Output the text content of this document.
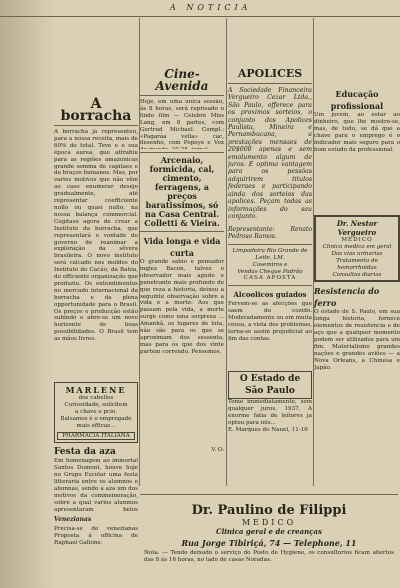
A NOTICIA
A borracha
A borracha já representou, para a nossa receita, mais de 60% do total. Teve e o sua época aurea, que attrahiu para as regiões amazonicas grande somma de capitaes e de braços humanos. Mas, por varios motivos que não vêm ao caso enumerar desejo gradualmente, até representar coefficiente nullo ou quasi nullo, na nossa balança commercial. Cogitase agora de crear a Instituto da borracha, que representará o vontade do governo de reanimar a exploração da sêvera brasileira. O novo instituto será calcado nos moldes do Instituto do Cacáo, da Bahia, do officiente organização que produziu. Os entendimentos no mercado internacional da borracha e da plena opportunidade para o Brasil. Os preços e producção estão subindo e abre-se um novo horizonte de boas possibilidades. O Brasil tem as mãos livres.
MARLENE
dos cabellos
Curiosidade, solicitem
a chave e pcio.
Balsamos é o empregado mais efficaz...
PHARMACIA ITALIANA
Festa da aza
Em homenagem ao immortal Santos Dumont, houve hoje no Grupo Escolar uma festa litteraria entre os alumnos e alumnas, sendo a aza um dos motivos da commemoração, sobre a qual varios alumnos apresentaram belos
Venezianas
Precisa-se de venezianas Proposta á officina de Raphael Gallone.
Cine-Avenida
Hoje, em uma unica sessão, ás 8 horas, será reprisado o lindo film — Celebre Miss Lang, em 8 partes, com Gertrud Michael. Compl.: «Pagaráa vella» cac, desenho, com Popeye e Vox
Arcenaio, formicida, cal, cimento, ferragens, a preços baratissimos, só na Casa Central.
Colletti & Vieira.
Vida longa e vida curta
O grande sabio e pensador inglez Bacon, talvez o observador mais agudo e penetrante mais profundo de que reza a historia, deixou a seguinte observação sobre a vida e a morte: Aos que passam pela vida, a morte surge como uma sorpreza ... Amanhã, os lugares de luta, não são para os que se aproximam dos sessenta, mas para os que dos vinte partem correndo. Pensemos.
V. O.
APOLICES
A Sociedade Financeira Vergueiro Cezar Ltda., São Paulo, offerece para os proximos sorteios, o conjunto dos Apolices Paulista, Mineira e Pernambucana, a prestações mensaes de 20$000 apenas e sem emolumento algum de juros. E optima vantagem para os pessôas adquirirem titulos federaes e participando ainda dos sorteios das apolices. Peçam todas as informações do seu conjunto.
Representante: Renato Pedroso Ramos.
Limpadeira Rio Grande de Leite, LM.
Casemiros e
Vendas Cheque Padrão
CASA APOSTA
Alcoolicos guiados
Fervem-se as afecções que saem do cozido. Moderadamente ou em muita cousa, a vista dos problemas, torna-se assim prejudicial ao fim das contas.
O Estado de São Paulo
Tome immediatamente, sem qualquer juros, 1937. A enorme fatia de leitores ja optou para nós...
E. Marques do Nauel, 11-16
Educação profissional
Um jovem, ao estar ao dinheiro, que lhe mostre-se, mas, de tudo, se dá que a chave para o emprego é o indicador mais seguro para o bom estudo da professional.
Dr. Nestor Vergueiro
MEDICO
Clinica medica em geral
Das vias urinarias
Tratamento de hemorrhoidas
Consultas diarias
Resistencia do ferro
O estado de S. Paulo, em sua longa historia, fornece elementos de resistencia e de aço que a qualquer momento podem ser utilizados para um fim. Materialismo grandes nações e grandes aviões — a Nova Orleans, a Chinesa e Japão.
Dr. Paulino de Filippi
MEDICO
Clinica geral e de creanças
Rua Jorge Tibiriçá, 74 — Telephone, 11
Nota. — Tendo deixado o serviço do Posto de Hygiene, os consultorios ficam abertos das 8 ás 16 horas, no lado de casas Noradas.
